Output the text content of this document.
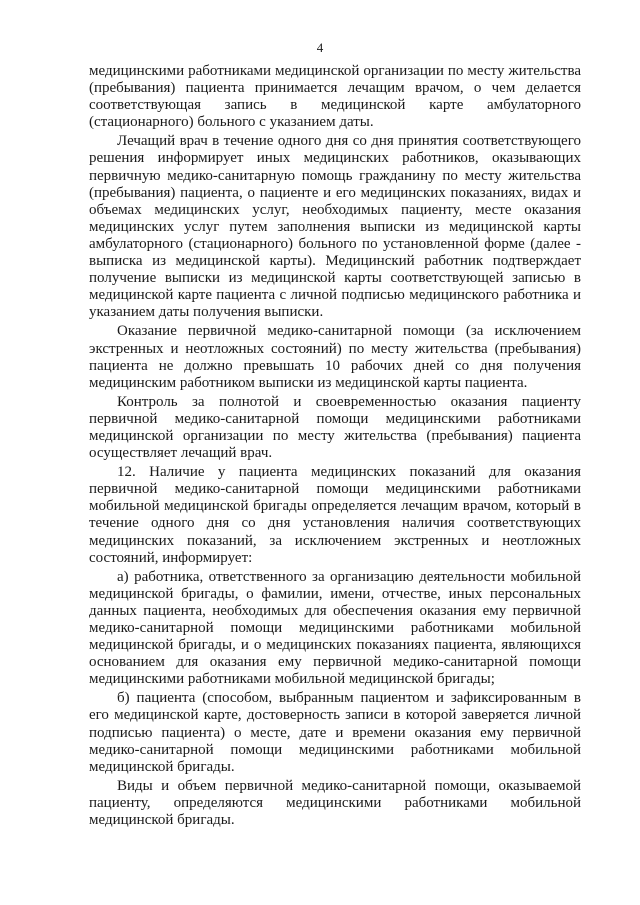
4

медицинскими работниками медицинской организации по месту жительства (пребывания) пациента принимается лечащим врачом, о чем делается соответствующая запись в медицинской карте амбулаторного (стационарного) больного с указанием даты.

Лечащий врач в течение одного дня со дня принятия соответствующего решения информирует иных медицинских работников, оказывающих первичную медико-санитарную помощь гражданину по месту жительства (пребывания) пациента, о пациенте и его медицинских показаниях, видах и объемах медицинских услуг, необходимых пациенту, месте оказания медицинских услуг путем заполнения выписки из медицинской карты амбулаторного (стационарного) больного по установленной форме (далее - выписка из медицинской карты). Медицинский работник подтверждает получение выписки из медицинской карты соответствующей записью в медицинской карте пациента с личной подписью медицинского работника и указанием даты получения выписки.

Оказание первичной медико-санитарной помощи (за исключением экстренных и неотложных состояний) по месту жительства (пребывания) пациента не должно превышать 10 рабочих дней со дня получения медицинским работником выписки из медицинской карты пациента.

Контроль за полнотой и своевременностью оказания пациенту первичной медико-санитарной помощи медицинскими работниками медицинской организации по месту жительства (пребывания) пациента осуществляет лечащий врач.

12. Наличие у пациента медицинских показаний для оказания первичной медико-санитарной помощи медицинскими работниками мобильной медицинской бригады определяется лечащим врачом, который в течение одного дня со дня установления наличия соответствующих медицинских показаний, за исключением экстренных и неотложных состояний, информирует:

а) работника, ответственного за организацию деятельности мобильной медицинской бригады, о фамилии, имени, отчестве, иных персональных данных пациента, необходимых для обеспечения оказания ему первичной медико-санитарной помощи медицинскими работниками мобильной медицинской бригады, и о медицинских показаниях пациента, являющихся основанием для оказания ему первичной медико-санитарной помощи медицинскими работниками мобильной медицинской бригады;

б) пациента (способом, выбранным пациентом и зафиксированным в его медицинской карте, достоверность записи в которой заверяется личной подписью пациента) о месте, дате и времени оказания ему первичной медико-санитарной помощи медицинскими работниками мобильной медицинской бригады.

Виды и объем первичной медико-санитарной помощи, оказываемой пациенту, определяются медицинскими работниками мобильной медицинской бригады.
